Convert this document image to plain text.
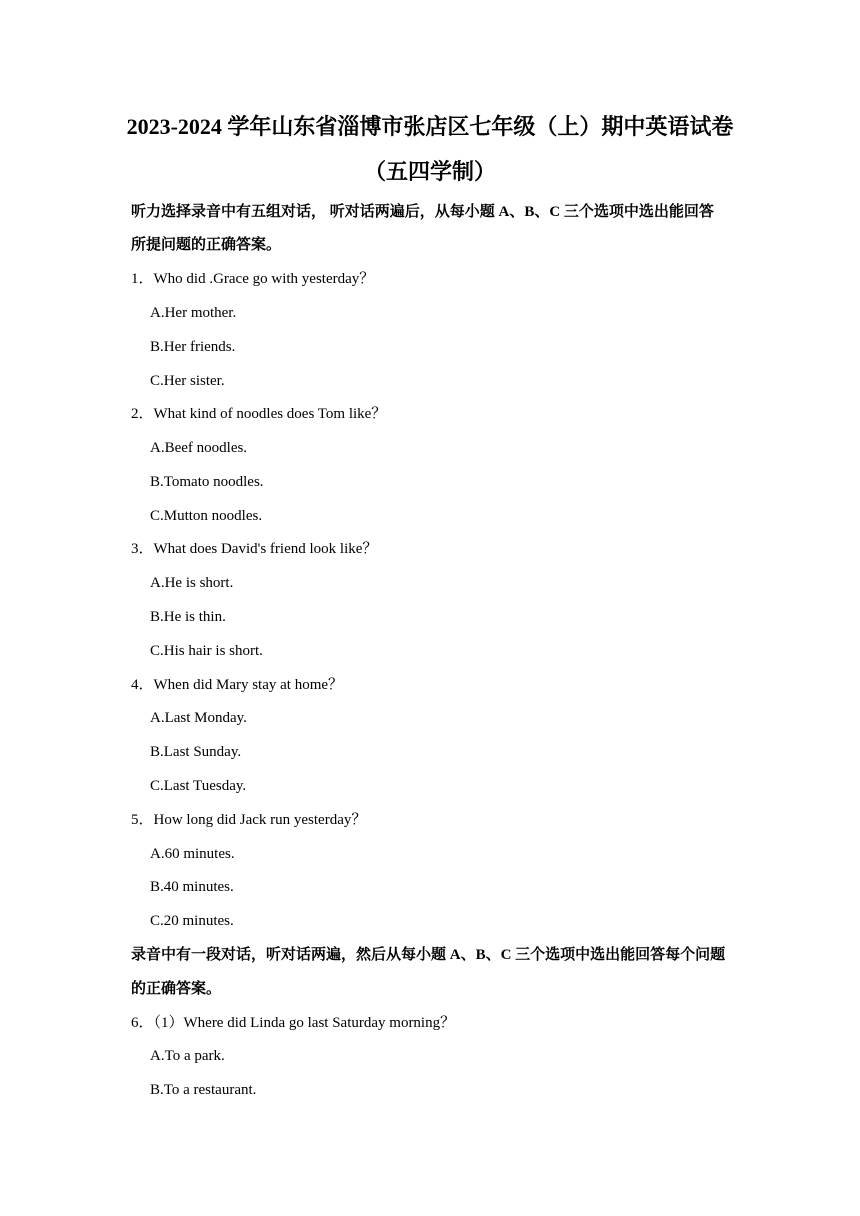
2023-2024 学年山东省淄博市张店区七年级（上）期中英语试卷
（五四学制）
听力选择录音中有五组对话， 听对话两遍后，从每小题 A、B、C 三个选项中选出能回答
所提问题的正确答案。
1．Who did .Grace go with yesterday？
A.Her mother.
B.Her friends.
C.Her sister.
2．What kind of noodles does Tom like？
A.Beef noodles.
B.Tomato noodles.
C.Mutton noodles.
3．What does David's friend look like？
A.He is short.
B.He is thin.
C.His hair is short.
4．When did Mary stay at home？
A.Last Monday.
B.Last Sunday.
C.Last Tuesday.
5．How long did Jack run yesterday？
A.60 minutes.
B.40 minutes.
C.20 minutes.
录音中有一段对话，听对话两遍，然后从每小题 A、B、C 三个选项中选出能回答每个问题
的正确答案。
6．（1）Where did Linda go last Saturday morning？
A.To a park.
B.To a restaurant.
